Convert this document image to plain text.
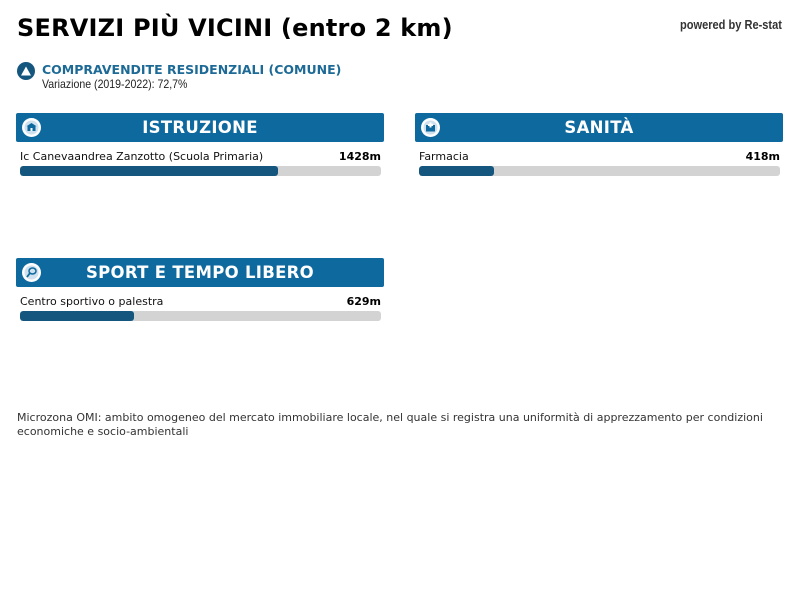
SERVIZI PIÙ VICINI (entro 2 km)	powered by Re-stat
COMPRAVENDITE RESIDENZIALI (COMUNE)
Variazione (2019-2022): 72,7%
ISTRUZIONE
Ic Canevaandrea Zanzotto (Scuola Primaria)	1428m
SANITÀ
Farmacia	418m
SPORT E TEMPO LIBERO
Centro sportivo o palestra	629m
Microzona OMI: ambito omogeneo del mercato immobiliare locale, nel quale si registra una uniformità di apprezzamento per condizioni economiche e socio-ambientali
